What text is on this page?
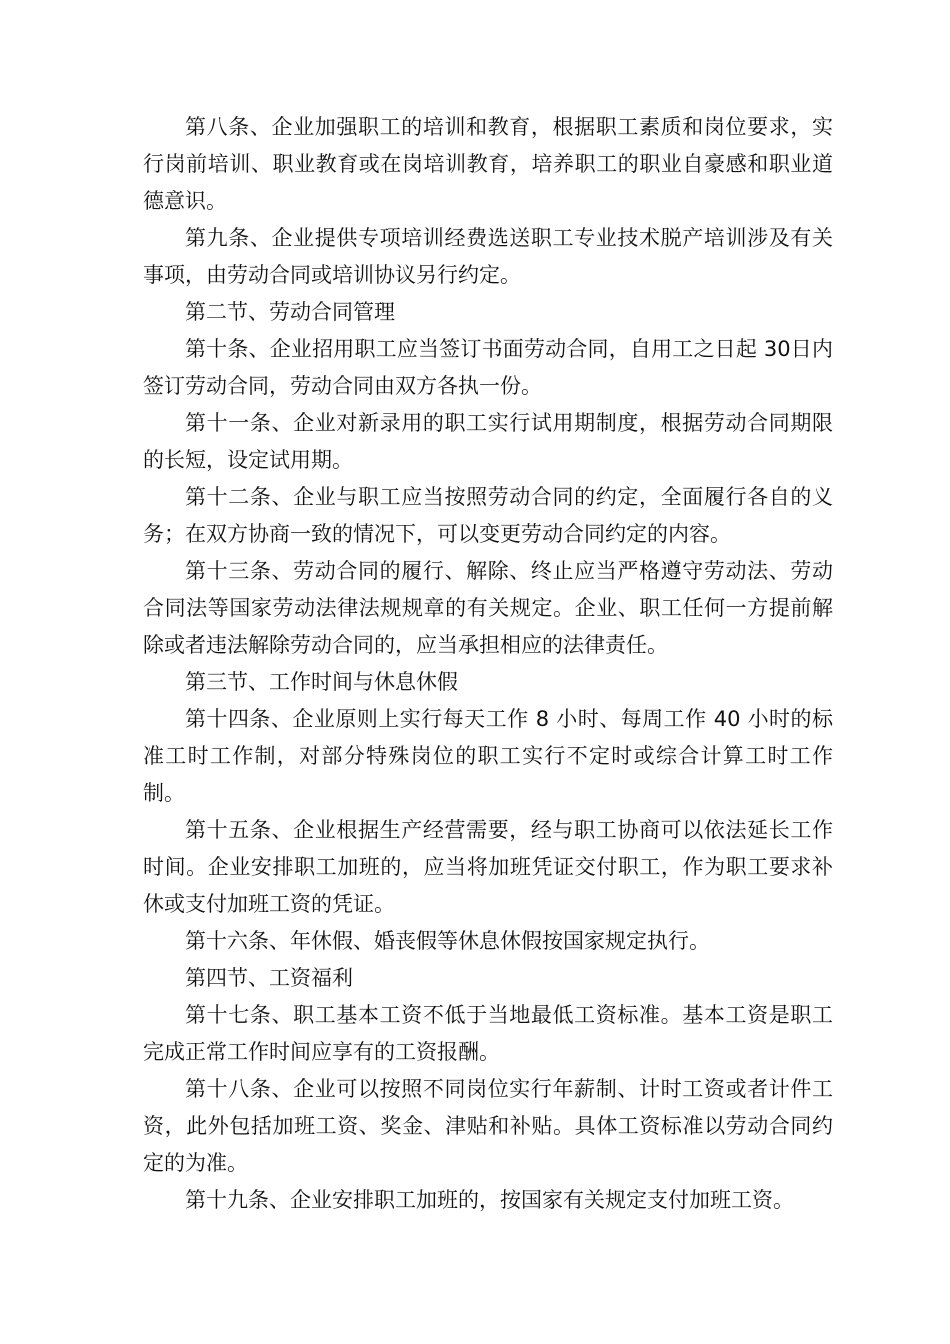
第八条、企业加强职工的培训和教育，根据职工素质和岗位要求，实行岗前培训、职业教育或在岗培训教育，培养职工的职业自豪感和职业道德意识。

第九条、企业提供专项培训经费选送职工专业技术脱产培训涉及有关事项，由劳动合同或培训协议另行约定。

第二节、劳动合同管理

第十条、企业招用职工应当签订书面劳动合同，自用工之日起 30日内签订劳动合同，劳动合同由双方各执一份。

第十一条、企业对新录用的职工实行试用期制度，根据劳动合同期限的长短，设定试用期。

第十二条、企业与职工应当按照劳动合同的约定，全面履行各自的义务；在双方协商一致的情况下，可以变更劳动合同约定的内容。

第十三条、劳动合同的履行、解除、终止应当严格遵守劳动法、劳动合同法等国家劳动法律法规规章的有关规定。企业、职工任何一方提前解除或者违法解除劳动合同的，应当承担相应的法律责任。

第三节、工作时间与休息休假

第十四条、企业原则上实行每天工作 8 小时、每周工作 40 小时的标准工时工作制，对部分特殊岗位的职工实行不定时或综合计算工时工作制。

第十五条、企业根据生产经营需要，经与职工协商可以依法延长工作时间。企业安排职工加班的，应当将加班凭证交付职工，作为职工要求补休或支付加班工资的凭证。

第十六条、年休假、婚丧假等休息休假按国家规定执行。

第四节、工资福利

第十七条、职工基本工资不低于当地最低工资标准。基本工资是职工完成正常工作时间应享有的工资报酬。

第十八条、企业可以按照不同岗位实行年薪制、计时工资或者计件工资，此外包括加班工资、奖金、津贴和补贴。具体工资标准以劳动合同约定的为准。

第十九条、企业安排职工加班的，按国家有关规定支付加班工资。
